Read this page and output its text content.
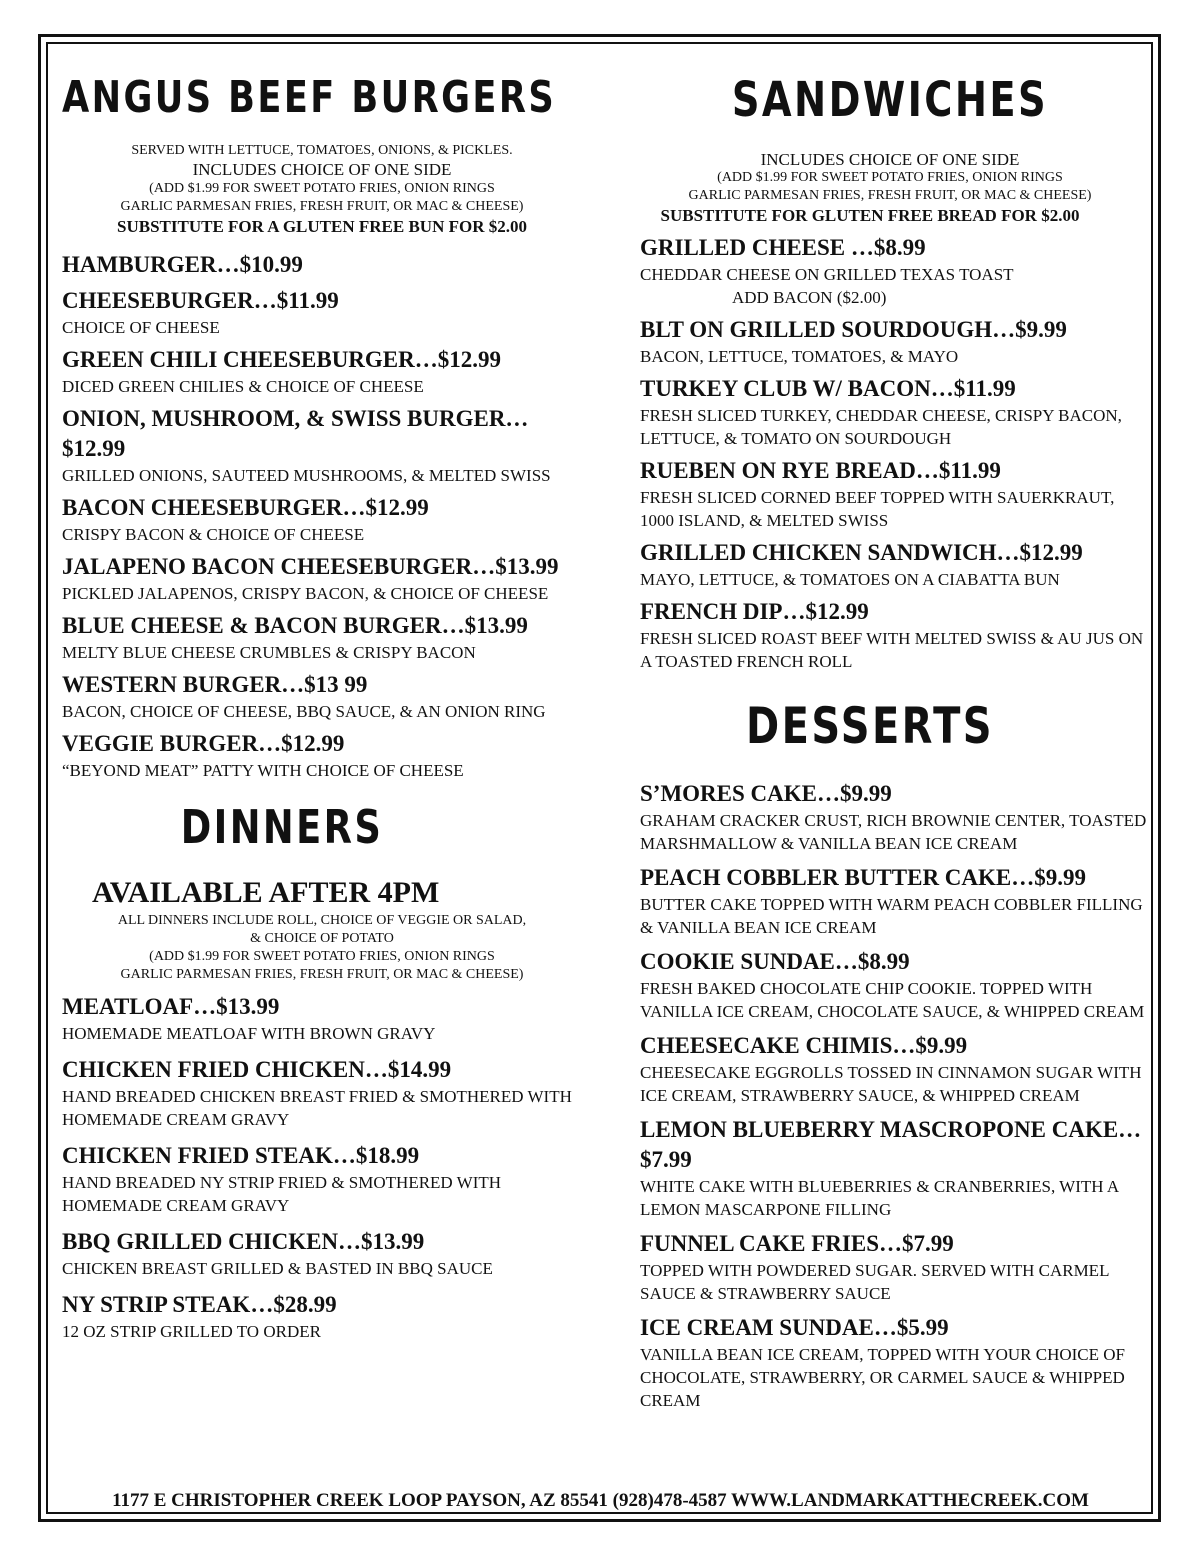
ANGUS BEEF BURGERS
SERVED WITH LETTUCE, TOMATOES, ONIONS, & PICKLES.
INCLUDES CHOICE OF ONE SIDE
(ADD $1.99 FOR SWEET POTATO FRIES, ONION RINGS
GARLIC PARMESAN FRIES, FRESH FRUIT, OR MAC & CHEESE)
SUBSTITUTE FOR A GLUTEN FREE BUN FOR $2.00
HAMBURGER…$10.99
CHEESEBURGER…$11.99
CHOICE OF CHEESE
GREEN CHILI CHEESEBURGER…$12.99
DICED GREEN CHILIES & CHOICE OF CHEESE
ONION, MUSHROOM, & SWISS BURGER…$12.99
GRILLED ONIONS, SAUTEED MUSHROOMS, & MELTED SWISS
BACON CHEESEBURGER…$12.99
CRISPY BACON & CHOICE OF CHEESE
JALAPENO BACON CHEESEBURGER…$13.99
PICKLED JALAPENOS, CRISPY BACON, & CHOICE OF CHEESE
BLUE CHEESE & BACON BURGER…$13.99
MELTY BLUE CHEESE CRUMBLES & CRISPY BACON
WESTERN BURGER…$13 99
BACON, CHOICE OF CHEESE, BBQ SAUCE, & AN ONION RING
VEGGIE BURGER…$12.99
“BEYOND MEAT” PATTY WITH CHOICE OF CHEESE
DINNERS
AVAILABLE AFTER 4PM
ALL DINNERS INCLUDE ROLL, CHOICE OF VEGGIE OR SALAD,
& CHOICE OF POTATO
(ADD $1.99 FOR SWEET POTATO FRIES, ONION RINGS
GARLIC PARMESAN FRIES, FRESH FRUIT, OR MAC & CHEESE)
MEATLOAF…$13.99
HOMEMADE MEATLOAF WITH BROWN GRAVY
CHICKEN FRIED CHICKEN…$14.99
HAND BREADED CHICKEN BREAST FRIED & SMOTHERED WITH HOMEMADE CREAM GRAVY
CHICKEN FRIED STEAK…$18.99
HAND BREADED NY STRIP FRIED & SMOTHERED WITH HOMEMADE CREAM GRAVY
BBQ GRILLED CHICKEN…$13.99
CHICKEN BREAST GRILLED & BASTED IN BBQ SAUCE
NY STRIP STEAK…$28.99
12 OZ STRIP GRILLED TO ORDER
SANDWICHES
INCLUDES CHOICE OF ONE SIDE
(ADD $1.99 FOR SWEET POTATO FRIES, ONION RINGS
GARLIC PARMESAN FRIES, FRESH FRUIT, OR MAC & CHEESE)
SUBSTITUTE FOR GLUTEN FREE BREAD FOR $2.00
GRILLED CHEESE …$8.99
CHEDDAR CHEESE ON GRILLED TEXAS TOAST
ADD BACON ($2.00)
BLT ON GRILLED SOURDOUGH…$9.99
BACON, LETTUCE, TOMATOES, & MAYO
TURKEY CLUB W/ BACON…$11.99
FRESH SLICED TURKEY, CHEDDAR CHEESE, CRISPY BACON, LETTUCE, & TOMATO ON SOURDOUGH
RUEBEN ON RYE BREAD…$11.99
FRESH SLICED CORNED BEEF TOPPED WITH SAUERKRAUT, 1000 ISLAND, & MELTED SWISS
GRILLED CHICKEN SANDWICH…$12.99
MAYO, LETTUCE, & TOMATOES ON A CIABATTA BUN
FRENCH DIP…$12.99
FRESH SLICED ROAST BEEF WITH MELTED SWISS & AU JUS ON A TOASTED FRENCH ROLL
DESSERTS
S’MORES CAKE…$9.99
GRAHAM CRACKER CRUST, RICH BROWNIE CENTER, TOASTED MARSHMALLOW & VANILLA BEAN ICE CREAM
PEACH COBBLER BUTTER CAKE…$9.99
BUTTER CAKE TOPPED WITH WARM PEACH COBBLER FILLING & VANILLA BEAN ICE CREAM
COOKIE SUNDAE…$8.99
FRESH BAKED CHOCOLATE CHIP COOKIE. TOPPED WITH VANILLA ICE CREAM, CHOCOLATE SAUCE, & WHIPPED CREAM
CHEESECAKE CHIMIS…$9.99
CHEESECAKE EGGROLLS TOSSED IN CINNAMON SUGAR WITH ICE CREAM, STRAWBERRY SAUCE, & WHIPPED CREAM
LEMON BLUEBERRY MASCROPONE CAKE…$7.99
WHITE CAKE WITH BLUEBERRIES & CRANBERRIES, WITH A LEMON MASCARPONE FILLING
FUNNEL CAKE FRIES…$7.99
TOPPED WITH POWDERED SUGAR. SERVED WITH CARMEL SAUCE & STRAWBERRY SAUCE
ICE CREAM SUNDAE…$5.99
VANILLA BEAN ICE CREAM, TOPPED WITH YOUR CHOICE OF CHOCOLATE, STRAWBERRY, OR CARMEL SAUCE & WHIPPED CREAM
1177 E CHRISTOPHER CREEK LOOP PAYSON, AZ 85541 (928)478-4587 WWW.LANDMARKATTHECREEK.COM
